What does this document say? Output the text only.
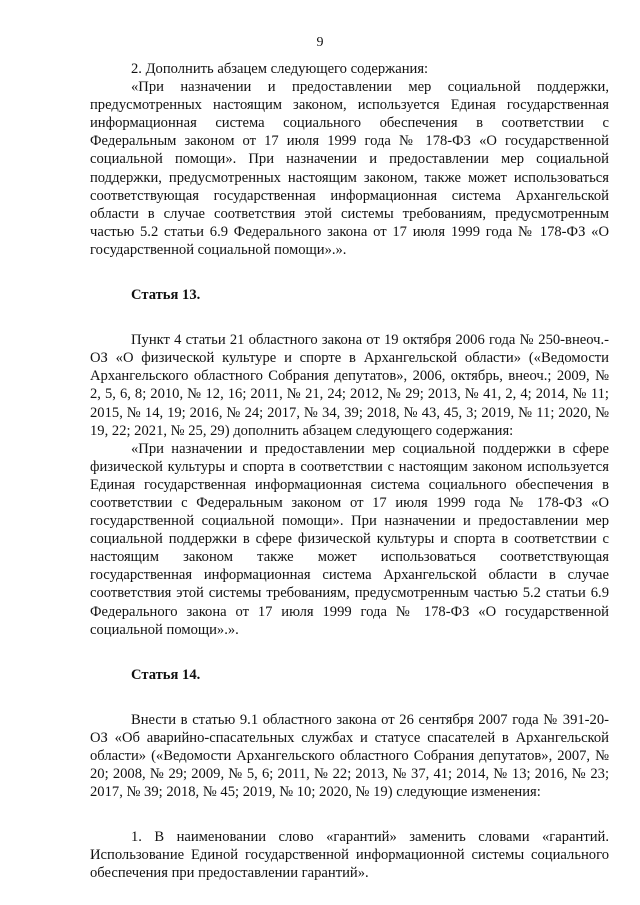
9

2. Дополнить абзацем следующего содержания:

«При назначении и предоставлении мер социальной поддержки, предусмотренных настоящим законом, используется Единая государственная информационная система социального обеспечения в соответствии с Федеральным законом от 17 июля 1999 года № 178-ФЗ «О государственной социальной помощи». При назначении и предоставлении мер социальной поддержки, предусмотренных настоящим законом, также может использоваться соответствующая государственная информационная система Архангельской области в случае соответствия этой системы требованиям, предусмотренным частью 5.2 статьи 6.9 Федерального закона от 17 июля 1999 года № 178-ФЗ «О государственной социальной помощи».».

Статья 13.

Пункт 4 статьи 21 областного закона от 19 октября 2006 года № 250-внеоч.-ОЗ «О физической культуре и спорте в Архангельской области» («Ведомости Архангельского областного Собрания депутатов», 2006, октябрь, внеоч.; 2009, № 2, 5, 6, 8; 2010, № 12, 16; 2011, № 21, 24; 2012, № 29; 2013, № 41, 2, 4; 2014, № 11; 2015, № 14, 19; 2016, № 24; 2017, № 34, 39; 2018, № 43, 45, 3; 2019, № 11; 2020, № 19, 22; 2021, № 25, 29) дополнить абзацем следующего содержания:

«При назначении и предоставлении мер социальной поддержки в сфере физической культуры и спорта в соответствии с настоящим законом используется Единая государственная информационная система социального обеспечения в соответствии с Федеральным законом от 17 июля 1999 года № 178-ФЗ «О государственной социальной помощи». При назначении и предоставлении мер социальной поддержки в сфере физической культуры и спорта в соответствии с настоящим законом также может использоваться соответствующая государственная информационная система Архангельской области в случае соответствия этой системы требованиям, предусмотренным частью 5.2 статьи 6.9 Федерального закона от 17 июля 1999 года № 178-ФЗ «О государственной социальной помощи».».

Статья 14.

Внести в статью 9.1 областного закона от 26 сентября 2007 года № 391-20-ОЗ «Об аварийно-спасательных службах и статусе спасателей в Архангельской области» («Ведомости Архангельского областного Собрания депутатов», 2007, № 20; 2008, № 29; 2009, № 5, 6; 2011, № 22; 2013, № 37, 41; 2014, № 13; 2016, № 23; 2017, № 39; 2018, № 45; 2019, № 10; 2020, № 19) следующие изменения:

1. В наименовании слово «гарантий» заменить словами «гарантий. Использование Единой государственной информационной системы социального обеспечения при предоставлении гарантий».
